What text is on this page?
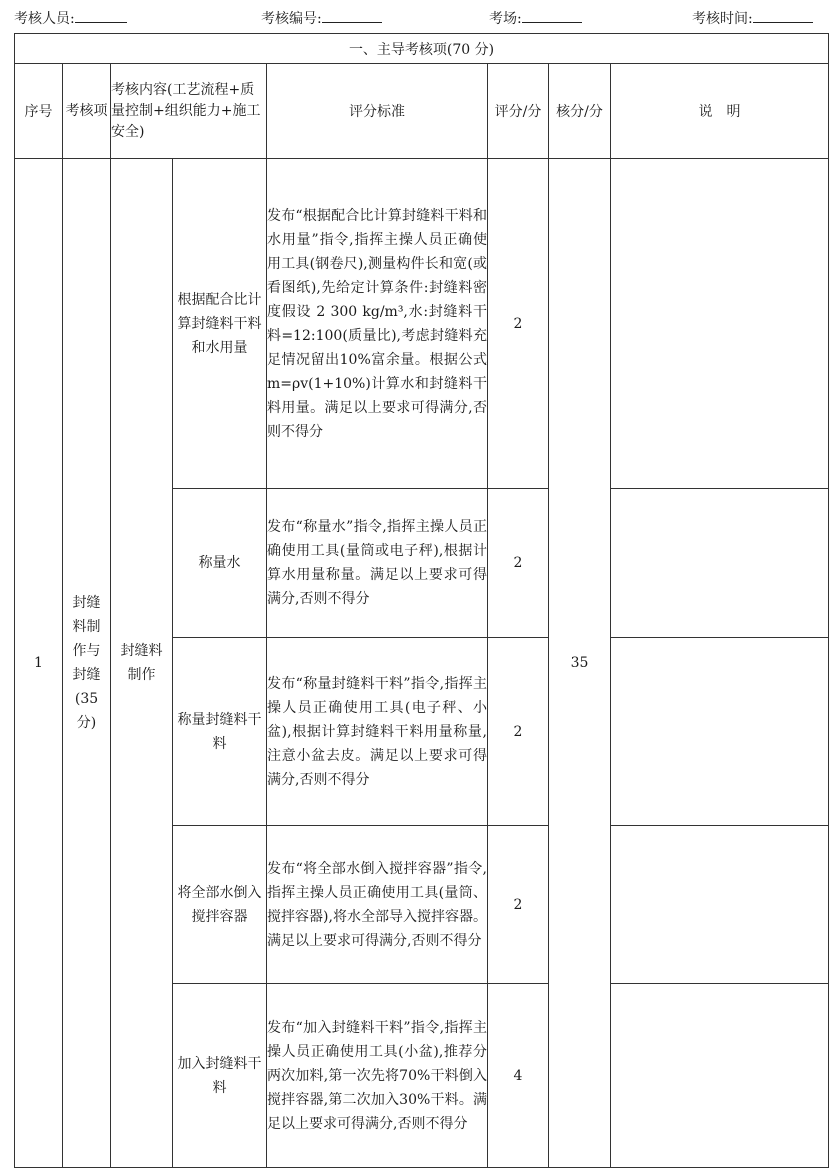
考核人员:	考核编号:	考场:	考核时间:
一、主导考核项(70 分)							
序号	考核项	考核内容(工艺流程+质量控制+组织能力+施工安全)		评分标准	评分/分	核分/分	说　明
1	封缝料制作与封缝(35分)	封缝料制作	根据配合比计算封缝料干料和水用量	发布“根据配合比计算封缝料干料和水用量”指令,指挥主操人员正确使用工具(钢卷尺),测量构件长和宽(或看图纸),先给定计算条件:封缝料密度假设 2 300 kg/m³,水:封缝料干料=12:100(质量比),考虑封缝料充足情况留出10%富余量。根据公式 m=ρv(1+10%)计算水和封缝料干料用量。满足以上要求可得满分,否则不得分	2	35	
			称量水	发布“称量水”指令,指挥主操人员正确使用工具(量筒或电子秤),根据计算水用量称量。满足以上要求可得满分,否则不得分	2		
			称量封缝料干料	发布“称量封缝料干料”指令,指挥主操人员正确使用工具(电子秤、小盆),根据计算封缝料干料用量称量,注意小盆去皮。满足以上要求可得满分,否则不得分	2		
			将全部水倒入搅拌容器	发布“将全部水倒入搅拌容器”指令,指挥主操人员正确使用工具(量筒、搅拌容器),将水全部导入搅拌容器。满足以上要求可得满分,否则不得分	2		
			加入封缝料干料	发布“加入封缝料干料”指令,指挥主操人员正确使用工具(小盆),推荐分两次加料,第一次先将70%干料倒入搅拌容器,第二次加入30%干料。满足以上要求可得满分,否则不得分	4		
